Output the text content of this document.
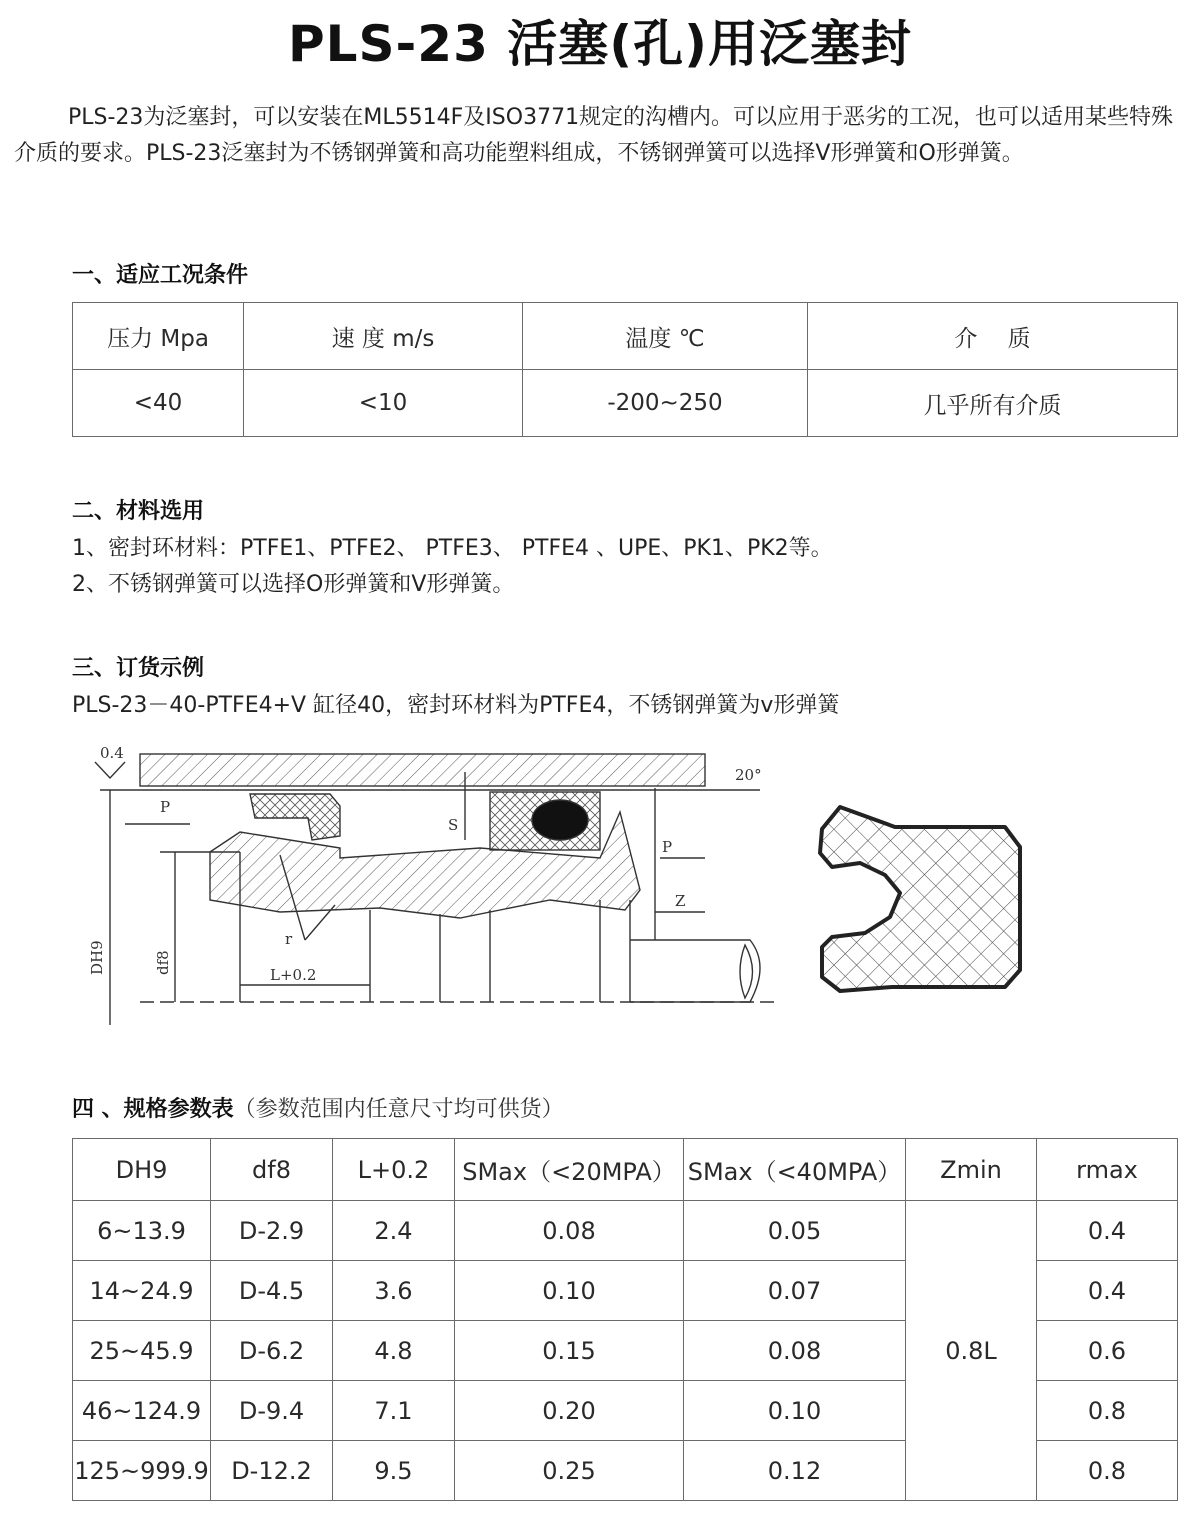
PLS-23 活塞(孔)用泛塞封

PLS-23为泛塞封，可以安装在ML5514F及ISO3771规定的沟槽内。可以应用于恶劣的工况，也可以适用某些特殊介质的要求。PLS-23泛塞封为不锈钢弹簧和高功能塑料组成，不锈钢弹簧可以选择V形弹簧和O形弹簧。

一、适应工况条件

压力 Mpa	速 度 m/s	温度 ℃	介　 质
<40	<10	-200~250	几乎所有介质

二、材料选用

1、密封环材料：PTFE1、PTFE2、 PTFE3、 PTFE4 、UPE、PK1、PK2等。

2、不锈钢弹簧可以选择O形弹簧和V形弹簧。

三、订货示例

PLS-23－40-PTFE4+V 缸径40，密封环材料为PTFE4，不锈钢弹簧为v形弹簧

0.4
20°
P
P
S
Z
r
L+0.2
DH9	df8

四 、规格参数表（参数范围内任意尺寸均可供货）

DH9	df8	L+0.2	SMax（<20MPA）	SMax（<40MPA）	Zmin	rmax
6~13.9	D-2.9	2.4	0.08	0.05	0.8L	0.4
14~24.9	D-4.5	3.6	0.10	0.07		0.4
25~45.9	D-6.2	4.8	0.15	0.08		0.6
46~124.9	D-9.4	7.1	0.20	0.10		0.8
125~999.9	D-12.2	9.5	0.25	0.12		0.8
